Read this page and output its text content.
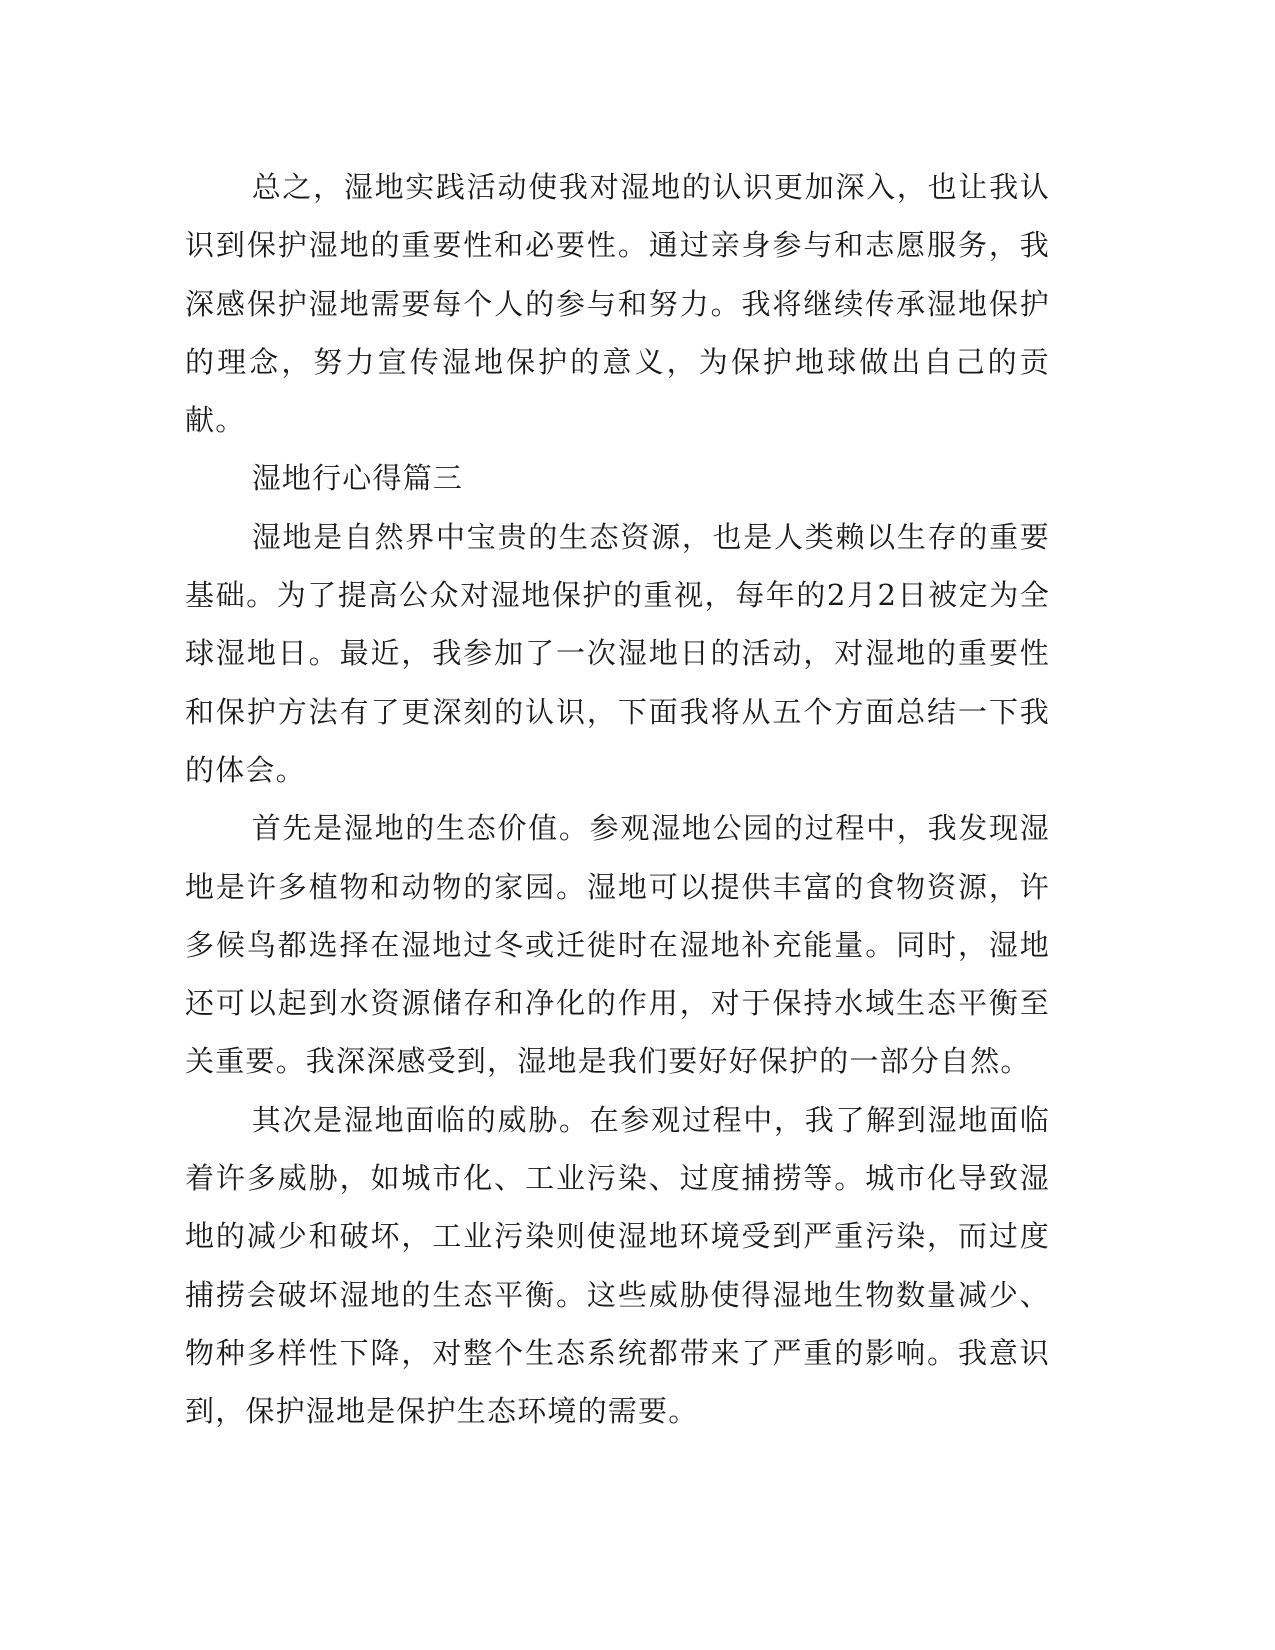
总之，湿地实践活动使我对湿地的认识更加深入，也让我认识到保护湿地的重要性和必要性。通过亲身参与和志愿服务，我深感保护湿地需要每个人的参与和努力。我将继续传承湿地保护的理念，努力宣传湿地保护的意义，为保护地球做出自己的贡献。

湿地行心得篇三

湿地是自然界中宝贵的生态资源，也是人类赖以生存的重要基础。为了提高公众对湿地保护的重视，每年的2月2日被定为全球湿地日。最近，我参加了一次湿地日的活动，对湿地的重要性和保护方法有了更深刻的认识，下面我将从五个方面总结一下我的体会。

首先是湿地的生态价值。参观湿地公园的过程中，我发现湿地是许多植物和动物的家园。湿地可以提供丰富的食物资源，许多候鸟都选择在湿地过冬或迁徙时在湿地补充能量。同时，湿地还可以起到水资源储存和净化的作用，对于保持水域生态平衡至关重要。我深深感受到，湿地是我们要好好保护的一部分自然。

其次是湿地面临的威胁。在参观过程中，我了解到湿地面临着许多威胁，如城市化、工业污染、过度捕捞等。城市化导致湿地的减少和破坏，工业污染则使湿地环境受到严重污染，而过度捕捞会破坏湿地的生态平衡。这些威胁使得湿地生物数量减少、物种多样性下降，对整个生态系统都带来了严重的影响。我意识到，保护湿地是保护生态环境的需要。
